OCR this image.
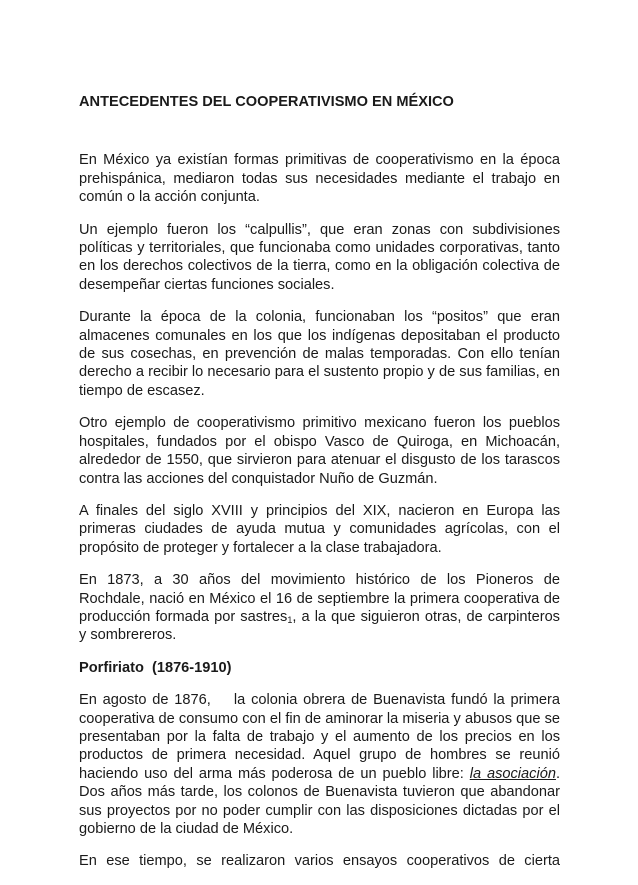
ANTECEDENTES DEL COOPERATIVISMO EN MÉXICO

En México ya existían formas primitivas de cooperativismo en la época prehispánica, mediaron todas sus necesidades mediante el trabajo en común o la acción conjunta.

Un ejemplo fueron los “calpullis”, que eran zonas con subdivisiones políticas y territoriales, que funcionaba como unidades corporativas, tanto en los derechos colectivos de la tierra, como en la obligación colectiva de desempeñar ciertas funciones sociales.

Durante la época de la colonia, funcionaban los “positos” que eran almacenes comunales en los que los indígenas depositaban el producto de sus cosechas, en prevención de malas temporadas. Con ello tenían derecho a recibir lo necesario para el sustento propio y de sus familias, en tiempo de escasez.

Otro ejemplo de cooperativismo primitivo mexicano fueron los pueblos hospitales, fundados por el obispo Vasco de Quiroga, en Michoacán, alrededor de 1550, que sirvieron para atenuar el disgusto de los tarascos contra las acciones del conquistador Nuño de Guzmán.

A finales del siglo XVIII y principios del XIX, nacieron en Europa las primeras ciudades de ayuda mutua y comunidades agrícolas, con el propósito de proteger y fortalecer a la clase trabajadora.

En 1873, a 30 años del movimiento histórico de los Pioneros de Rochdale, nació en México el 16 de septiembre la primera cooperativa de producción formada por sastres$_1$, a la que siguieron otras, de carpinteros y sombrereros.

Porfiriato  (1876-1910)

En agosto de 1876,    la colonia obrera de Buenavista fundó la primera cooperativa de consumo con el fin de aminorar la miseria y abusos que se presentaban por la falta de trabajo y el aumento de los precios en los productos de primera necesidad. Aquel grupo de hombres se reunió haciendo uso del arma más poderosa de un pueblo libre: la asociación. Dos años más tarde, los colonos de Buenavista tuvieron que abandonar sus proyectos por no poder cumplir con las disposiciones dictadas por el gobierno de la ciudad de México.

En ese tiempo, se realizaron varios ensayos cooperativos de cierta
